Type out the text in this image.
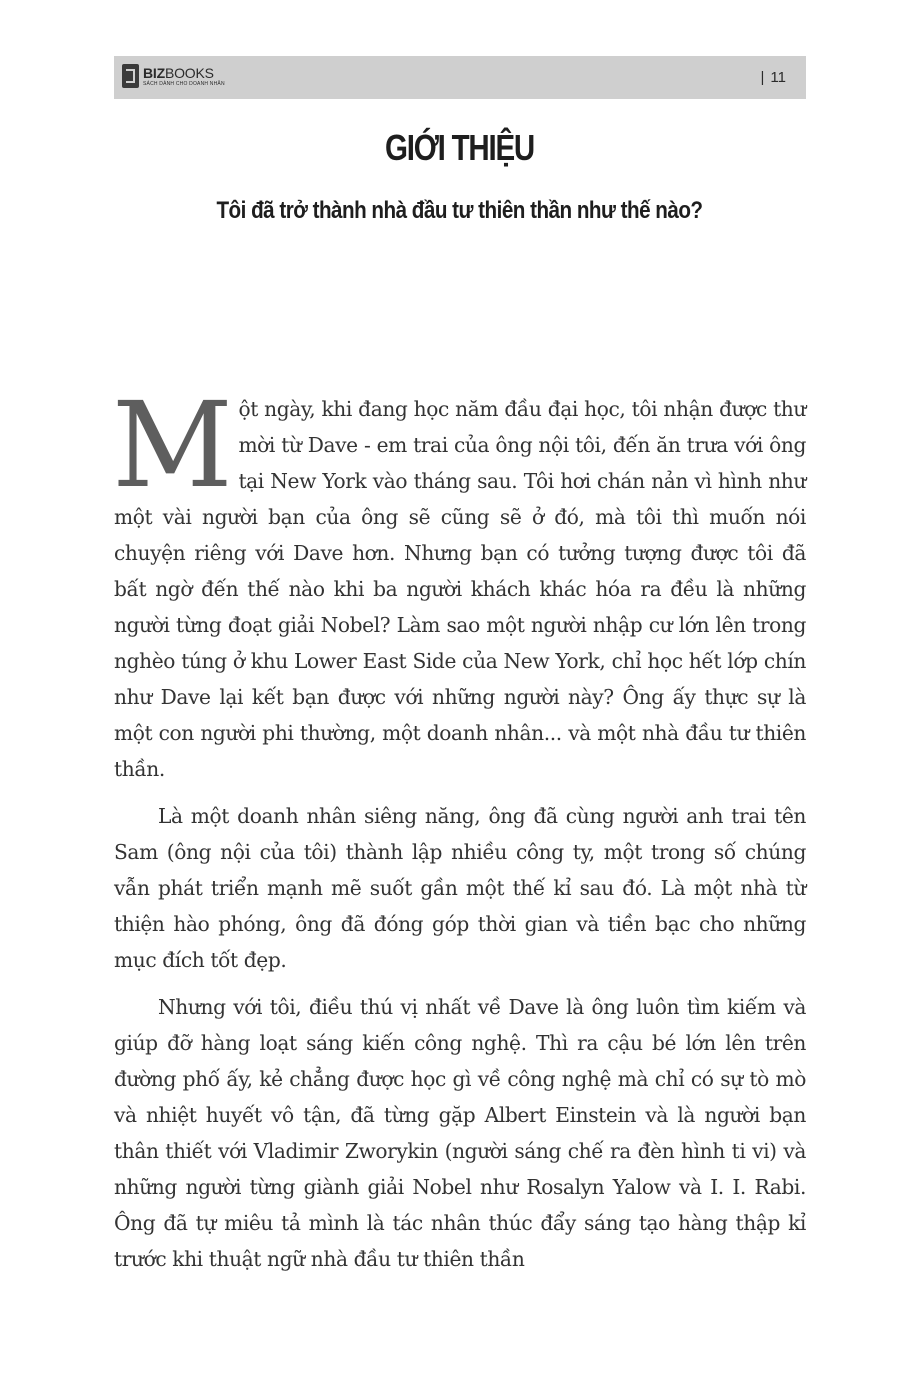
BIZBOOKS
SÁCH DÀNH CHO DOANH NHÂN	| 11
GIỚI THIỆU
Tôi đã trở thành nhà đầu tư thiên thần như thế nào?

Một ngày, khi đang học năm đầu đại học, tôi nhận được thư mời từ Dave - em trai của ông nội tôi, đến ăn trưa với ông tại New York vào tháng sau. Tôi hơi chán nản vì hình như một vài người bạn của ông sẽ cũng sẽ ở đó, mà tôi thì muốn nói chuyện riêng với Dave hơn. Nhưng bạn có tưởng tượng được tôi đã bất ngờ đến thế nào khi ba người khách khác hóa ra đều là những người từng đoạt giải Nobel? Làm sao một người nhập cư lớn lên trong nghèo túng ở khu Lower East Side của New York, chỉ học hết lớp chín như Dave lại kết bạn được với những người này? Ông ấy thực sự là một con người phi thường, một doanh nhân... và một nhà đầu tư thiên thần.

Là một doanh nhân siêng năng, ông đã cùng người anh trai tên Sam (ông nội của tôi) thành lập nhiều công ty, một trong số chúng vẫn phát triển mạnh mẽ suốt gần một thế kỉ sau đó. Là một nhà từ thiện hào phóng, ông đã đóng góp thời gian và tiền bạc cho những mục đích tốt đẹp.

Nhưng với tôi, điều thú vị nhất về Dave là ông luôn tìm kiếm và giúp đỡ hàng loạt sáng kiến công nghệ. Thì ra cậu bé lớn lên trên đường phố ấy, kẻ chẳng được học gì về công nghệ mà chỉ có sự tò mò và nhiệt huyết vô tận, đã từng gặp Albert Einstein và là người bạn thân thiết với Vladimir Zworykin (người sáng chế ra đèn hình ti vi) và những người từng giành giải Nobel như Rosalyn Yalow và I. I. Rabi. Ông đã tự miêu tả mình là tác nhân thúc đẩy sáng tạo hàng thập kỉ trước khi thuật ngữ nhà đầu tư thiên thần
